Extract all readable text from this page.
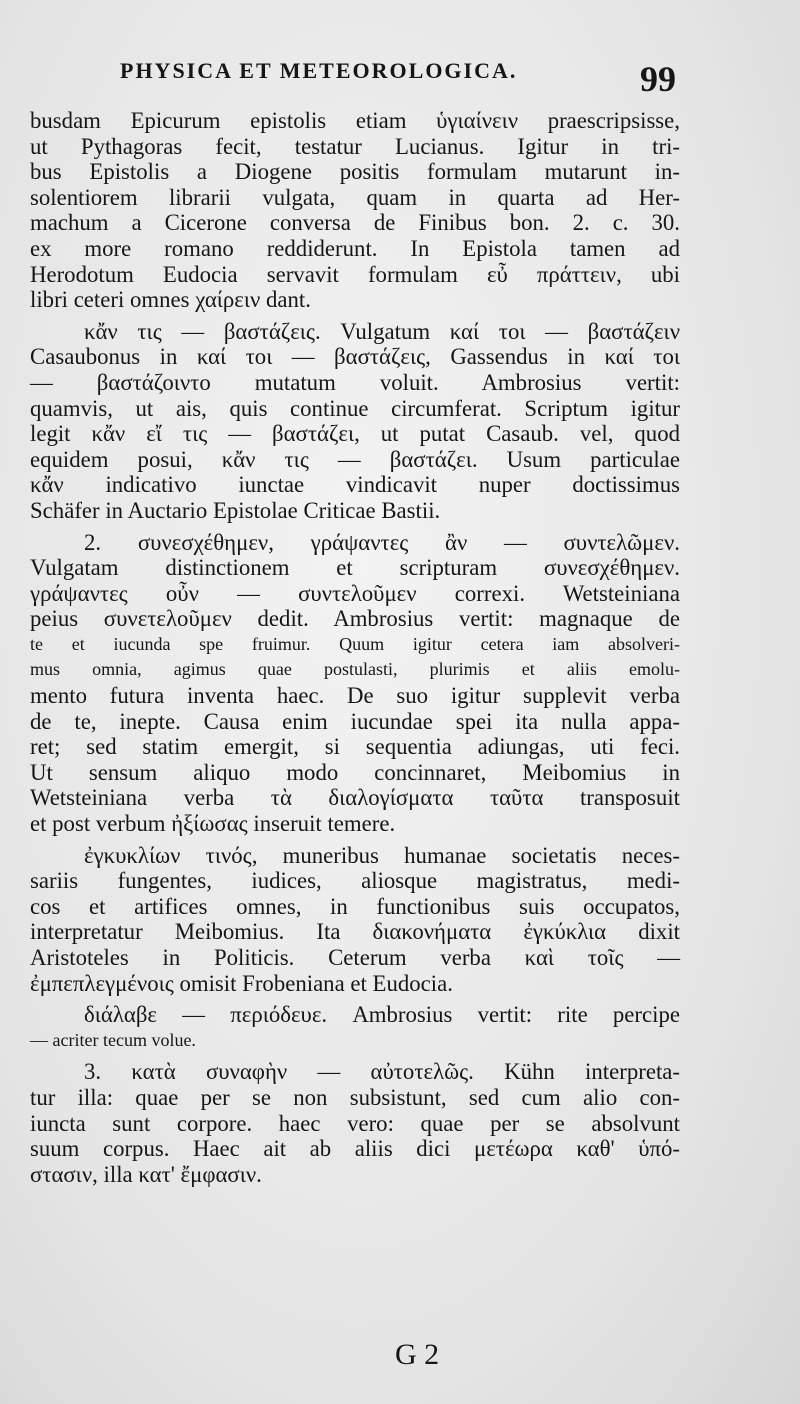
PHYSICA ET METEOROLOGICA.	99
busdam Epicurum epistolis etiam ὑγιαίνειν praescripsisse,
ut Pythagoras fecit, testatur Lucianus. Igitur in tri-
bus Epistolis a Diogene positis formulam mutarunt in-
solentiorem librarii vulgata, quam in quarta ad Her-
machum a Cicerone conversa de Finibus bon. 2. c. 30.
ex more romano reddiderunt. In Epistola tamen ad
Herodotum Eudocia servavit formulam εὖ πράττειν, ubi
libri ceteri omnes χαίρειν dant.
κἄν τις — βαστάζεις. Vulgatum καί τοι — βαστάζειν
Casaubonus in καί τοι — βαστάζεις, Gassendus in καί τοι
— βαστάζοιντο mutatum voluit. Ambrosius vertit:
quamvis, ut ais, quis continue circumferat. Scriptum igitur
legit κἄν εἴ τις — βαστάζει, ut putat Casaub. vel, quod
equidem posui, κἄν τις — βαστάζει. Usum particulae
κἄν indicativo iunctae vindicavit nuper doctissimus
Schäfer in Auctario Epistolae Criticae Bastii.
2. συνεσχέθημεν, γράψαντες ἂν — συντελῶμεν.
Vulgatam distinctionem et scripturam συνεσχέθημεν.
γράψαντες οὖν — συντελοῦμεν correxi. Wetsteiniana
peius συνετελοῦμεν dedit. Ambrosius vertit: magnaque de
te et iucunda spe fruimur. Quum igitur cetera iam absolveri-
mus omnia, agimus quae postulasti, plurimis et aliis emolu-
mento futura inventa haec. De suo igitur supplevit verba
de te, inepte. Causa enim iucundae spei ita nulla appa-
ret; sed statim emergit, si sequentia adiungas, uti feci.
Ut sensum aliquo modo concinnaret, Meibomius in
Wetsteiniana verba τὰ διαλογίσματα ταῦτα transposuit
et post verbum ἠξίωσας inseruit temere.
ἐγκυκλίων τινός, muneribus humanae societatis neces-
sariis fungentes, iudices, aliosque magistratus, medi-
cos et artifices omnes, in functionibus suis occupatos,
interpretatur Meibomius. Ita διακονήματα ἐγκύκλια dixit
Aristoteles in Politicis. Ceterum verba καὶ τοῖς —
ἐμπεπλεγμένοις omisit Frobeniana et Eudocia.
διάλαβε — περιόδευε. Ambrosius vertit: rite percipe
— acriter tecum volue.
3. κατὰ συναφὴν — αὐτοτελῶς. Kühn interpreta-
tur illa: quae per se non subsistunt, sed cum alio con-
iuncta sunt corpore. haec vero: quae per se absolvunt
suum corpus. Haec ait ab aliis dici μετέωρα καθ' ὑπό-
στασιν, illa κατ' ἔμφασιν.
G 2
